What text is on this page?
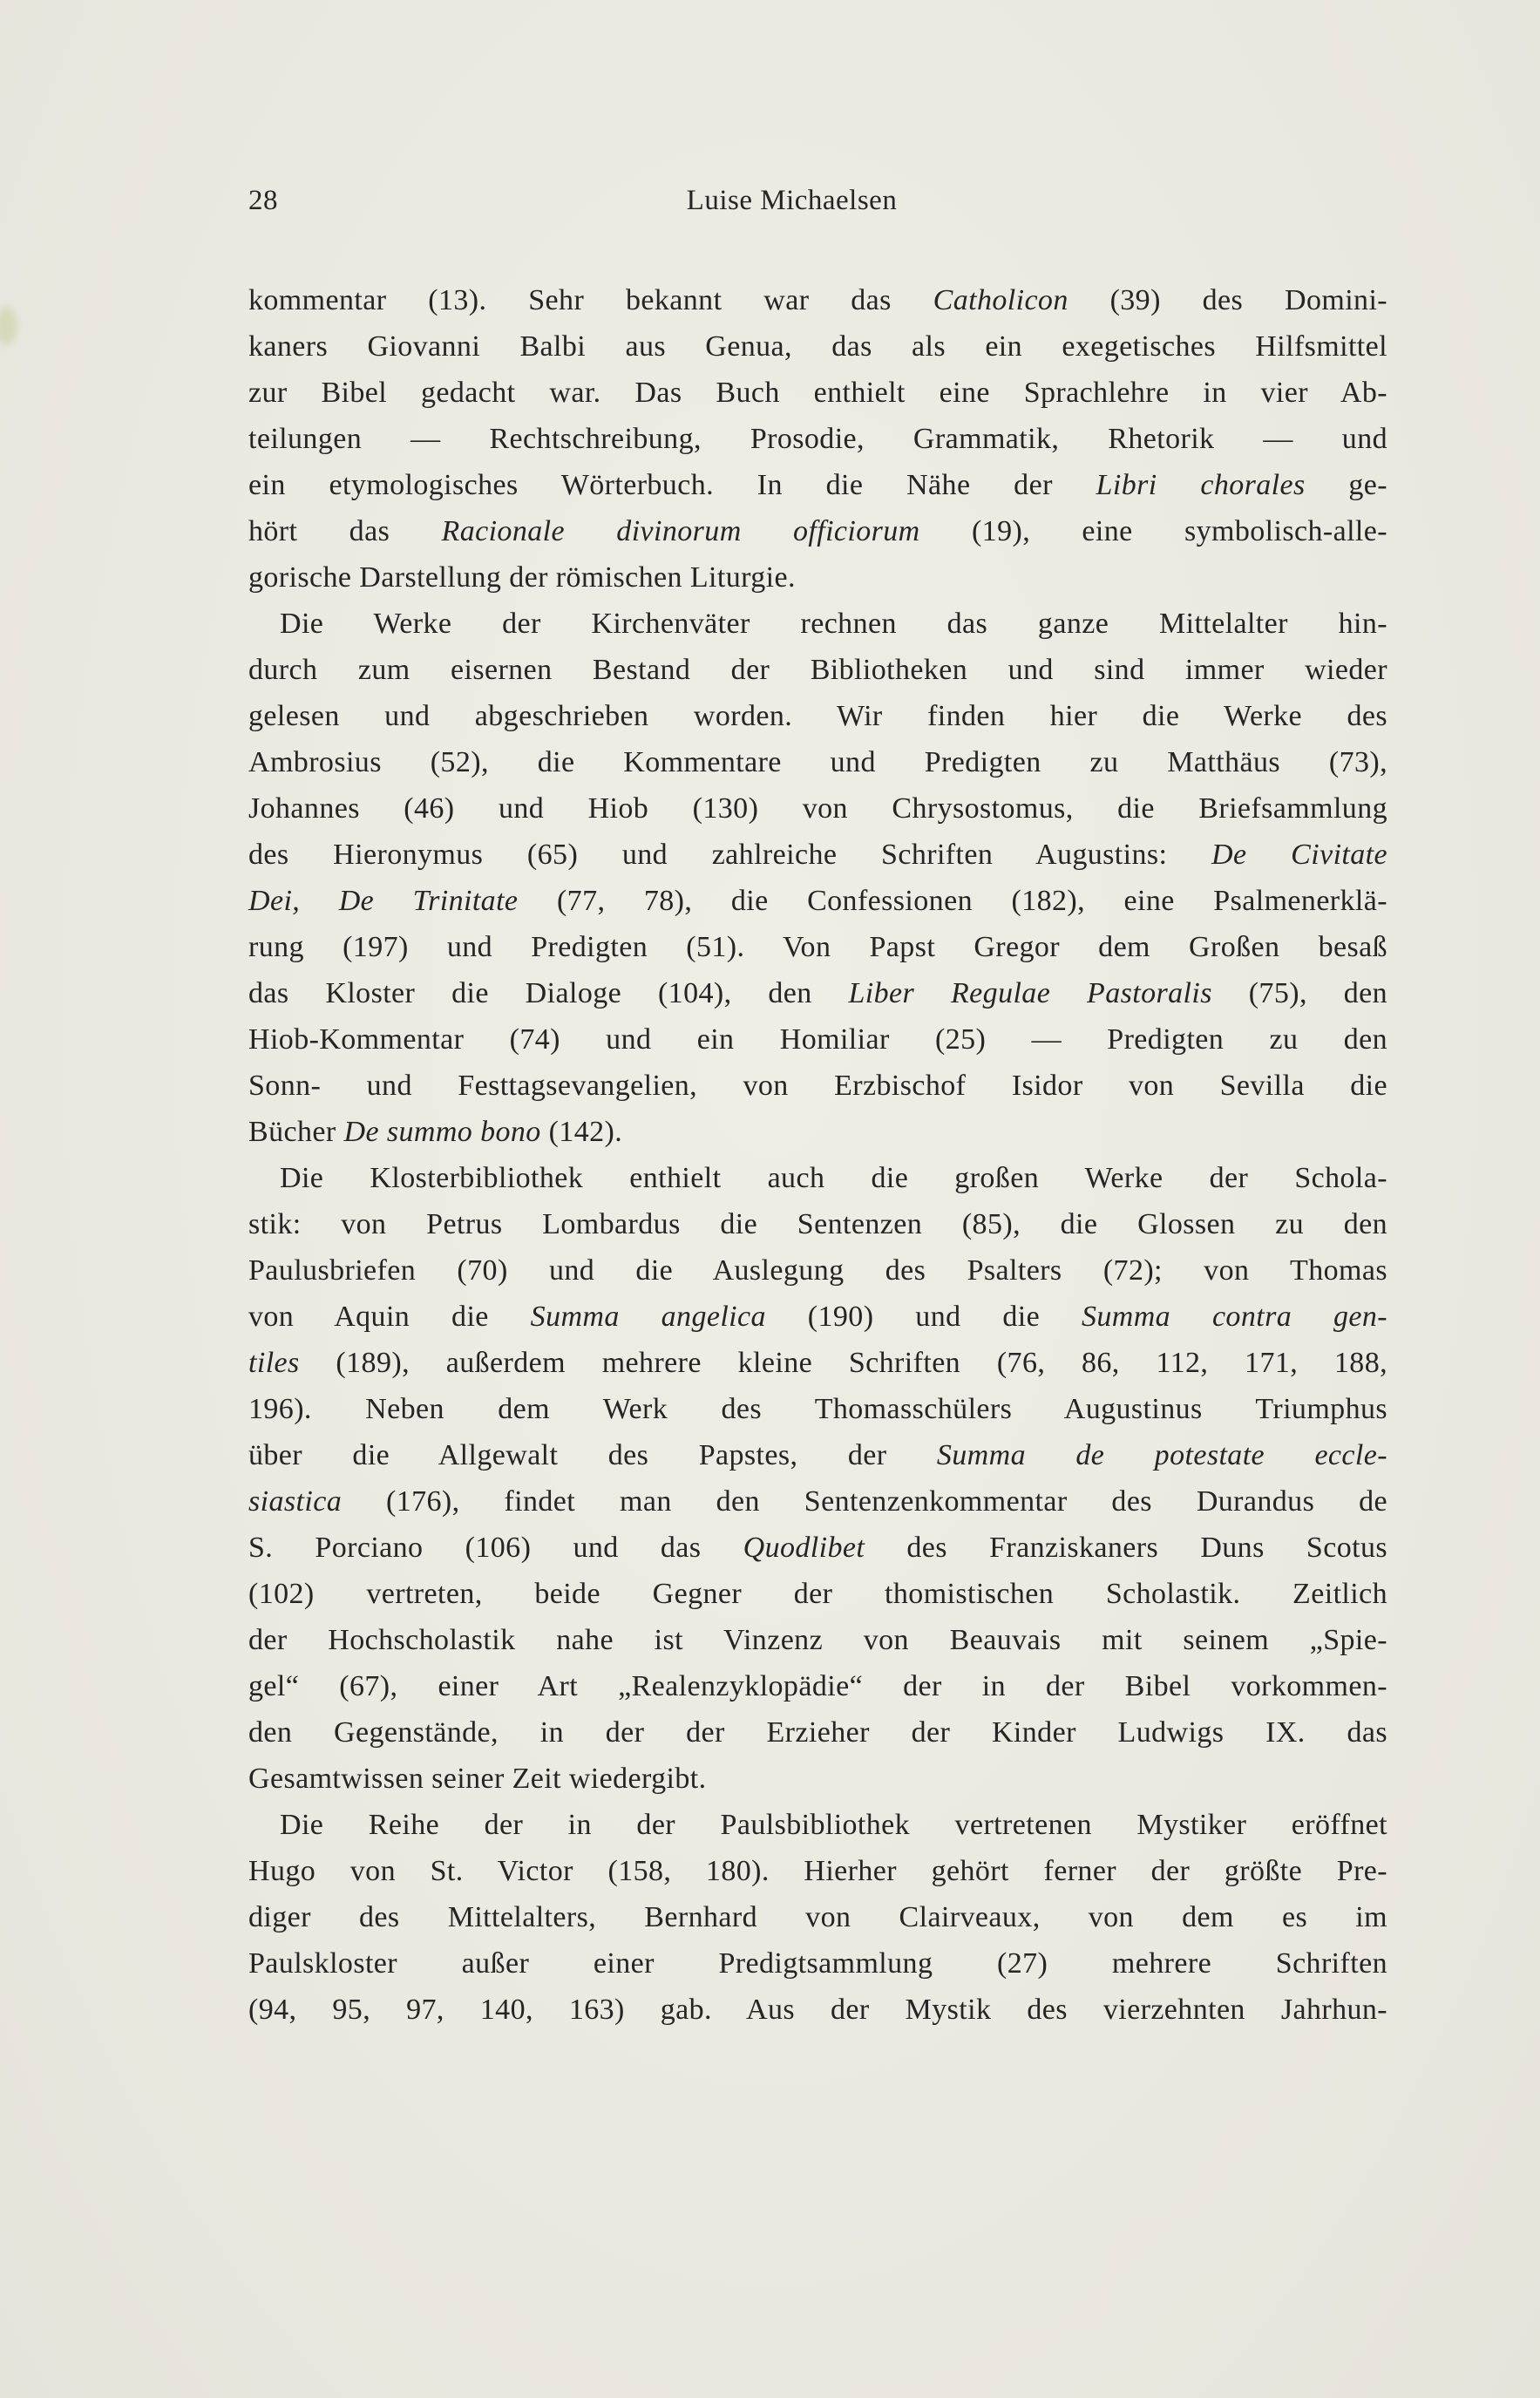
28	Luise Michaelsen
kommentar (13). Sehr bekannt war das Catholicon (39) des Domini-
kaners Giovanni Balbi aus Genua, das als ein exegetisches Hilfsmittel
zur Bibel gedacht war. Das Buch enthielt eine Sprachlehre in vier Ab-
teilungen — Rechtschreibung, Prosodie, Grammatik, Rhetorik — und
ein etymologisches Wörterbuch. In die Nähe der Libri chorales ge-
hört das Racionale divinorum officiorum (19), eine symbolisch-alle-
gorische Darstellung der römischen Liturgie.
Die Werke der Kirchenväter rechnen das ganze Mittelalter hin-
durch zum eisernen Bestand der Bibliotheken und sind immer wieder
gelesen und abgeschrieben worden. Wir finden hier die Werke des
Ambrosius (52), die Kommentare und Predigten zu Matthäus (73),
Johannes (46) und Hiob (130) von Chrysostomus, die Briefsammlung
des Hieronymus (65) und zahlreiche Schriften Augustins: De Civitate
Dei, De Trinitate (77, 78), die Confessionen (182), eine Psalmenerklä-
rung (197) und Predigten (51). Von Papst Gregor dem Großen besaß
das Kloster die Dialoge (104), den Liber Regulae Pastoralis (75), den
Hiob-Kommentar (74) und ein Homiliar (25) — Predigten zu den
Sonn- und Festtagsevangelien, von Erzbischof Isidor von Sevilla die
Bücher De summo bono (142).
Die Klosterbibliothek enthielt auch die großen Werke der Schola-
stik: von Petrus Lombardus die Sentenzen (85), die Glossen zu den
Paulusbriefen (70) und die Auslegung des Psalters (72); von Thomas
von Aquin die Summa angelica (190) und die Summa contra gen-
tiles (189), außerdem mehrere kleine Schriften (76, 86, 112, 171, 188,
196). Neben dem Werk des Thomasschülers Augustinus Triumphus
über die Allgewalt des Papstes, der Summa de potestate eccle-
siastica (176), findet man den Sentenzenkommentar des Durandus de
S. Porciano (106) und das Quodlibet des Franziskaners Duns Scotus
(102) vertreten, beide Gegner der thomistischen Scholastik. Zeitlich
der Hochscholastik nahe ist Vinzenz von Beauvais mit seinem „Spie-
gel“ (67), einer Art „Realenzyklopädie“ der in der Bibel vorkommen-
den Gegenstände, in der der Erzieher der Kinder Ludwigs IX. das
Gesamtwissen seiner Zeit wiedergibt.
Die Reihe der in der Paulsbibliothek vertretenen Mystiker eröffnet
Hugo von St. Victor (158, 180). Hierher gehört ferner der größte Pre-
diger des Mittelalters, Bernhard von Clairveaux, von dem es im
Paulskloster außer einer Predigtsammlung (27) mehrere Schriften
(94, 95, 97, 140, 163) gab. Aus der Mystik des vierzehnten Jahrhun-
